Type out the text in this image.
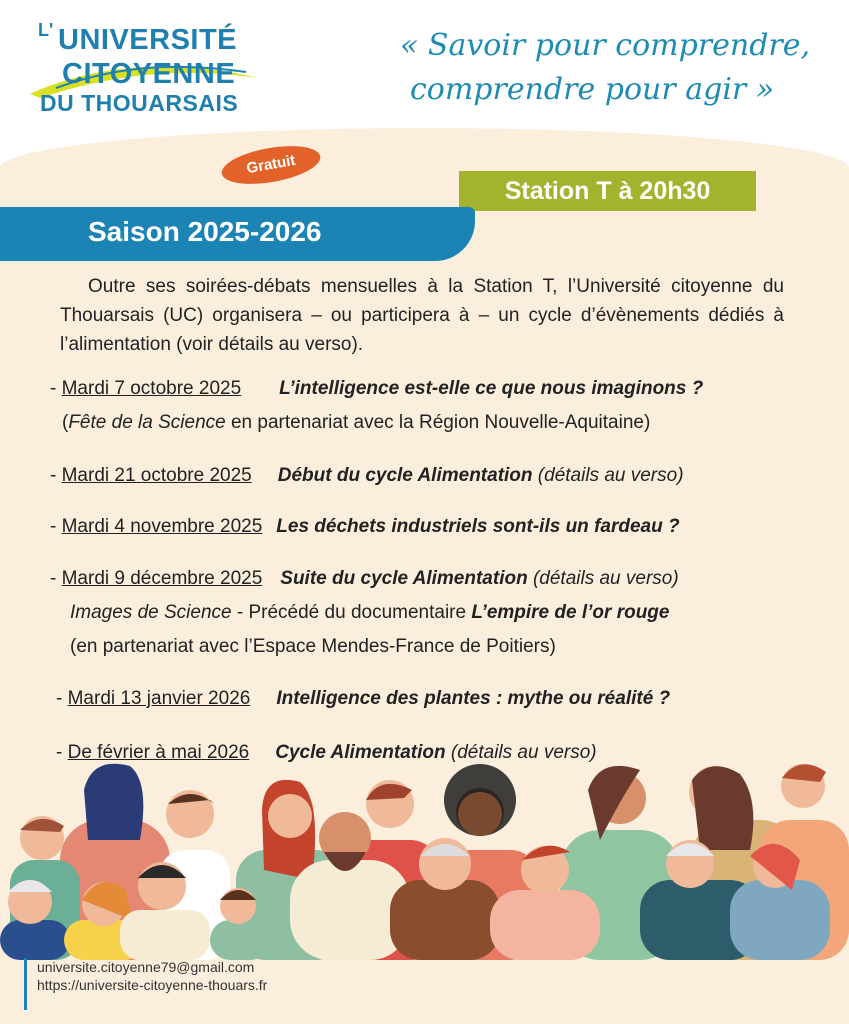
L' UNIVERSITÉ
CITOYENNE
DU THOUARSAIS
« Savoir pour comprendre,
comprendre pour agir »
Gratuit
Station T à 20h30
Saison 2025-2026

Outre ses soirées-débats mensuelles à la Station T, l’Université citoyenne du Thouarsais (UC) organisera – ou participera à – un cycle d’évènements dédiés à l’alimentation (voir détails au verso).

- Mardi 7 octobre 2025 L’intelligence est-elle ce que nous imaginons ?
(Fête de la Science en partenariat avec la Région Nouvelle-Aquitaine)
- Mardi 21 octobre 2025 Début du cycle Alimentation (détails au verso)
- Mardi 4 novembre 2025 Les déchets industriels sont-ils un fardeau ?
- Mardi 9 décembre 2025 Suite du cycle Alimentation (détails au verso)
Images de Science - Précédé du documentaire L’empire de l’or rouge
(en partenariat avec l’Espace Mendes-France de Poitiers)
- Mardi 13 janvier 2026 Intelligence des plantes : mythe ou réalité ?
- De février à mai 2026 Cycle Alimentation (détails au verso)
universite.citoyenne79@gmail.com
https://universite-citoyenne-thouars.fr
